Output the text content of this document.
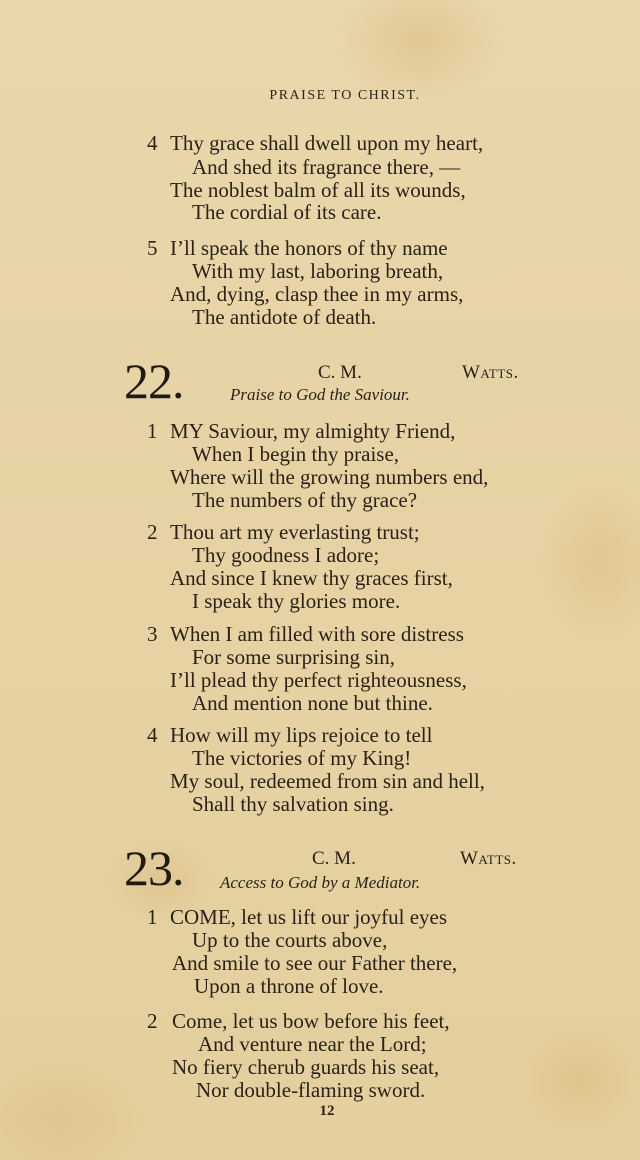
PRAISE TO CHRIST.
4 Thy grace shall dwell upon my heart,
And shed its fragrance there, —
The noblest balm of all its wounds,
The cordial of its care.
5 I’ll speak the honors of thy name
With my last, laboring breath,
And, dying, clasp thee in my arms,
The antidote of death.
22.	C. M.	Watts.
Praise to God the Saviour.
1 MY Saviour, my almighty Friend,
When I begin thy praise,
Where will the growing numbers end,
The numbers of thy grace?
2 Thou art my everlasting trust;
Thy goodness I adore;
And since I knew thy graces first,
I speak thy glories more.
3 When I am filled with sore distress
For some surprising sin,
I’ll plead thy perfect righteousness,
And mention none but thine.
4 How will my lips rejoice to tell
The victories of my King!
My soul, redeemed from sin and hell,
Shall thy salvation sing.
23.	C. M.	Watts.
Access to God by a Mediator.
1 COME, let us lift our joyful eyes
Up to the courts above,
And smile to see our Father there,
Upon a throne of love.
2 Come, let us bow before his feet,
And venture near the Lord;
No fiery cherub guards his seat,
Nor double-flaming sword.
12
